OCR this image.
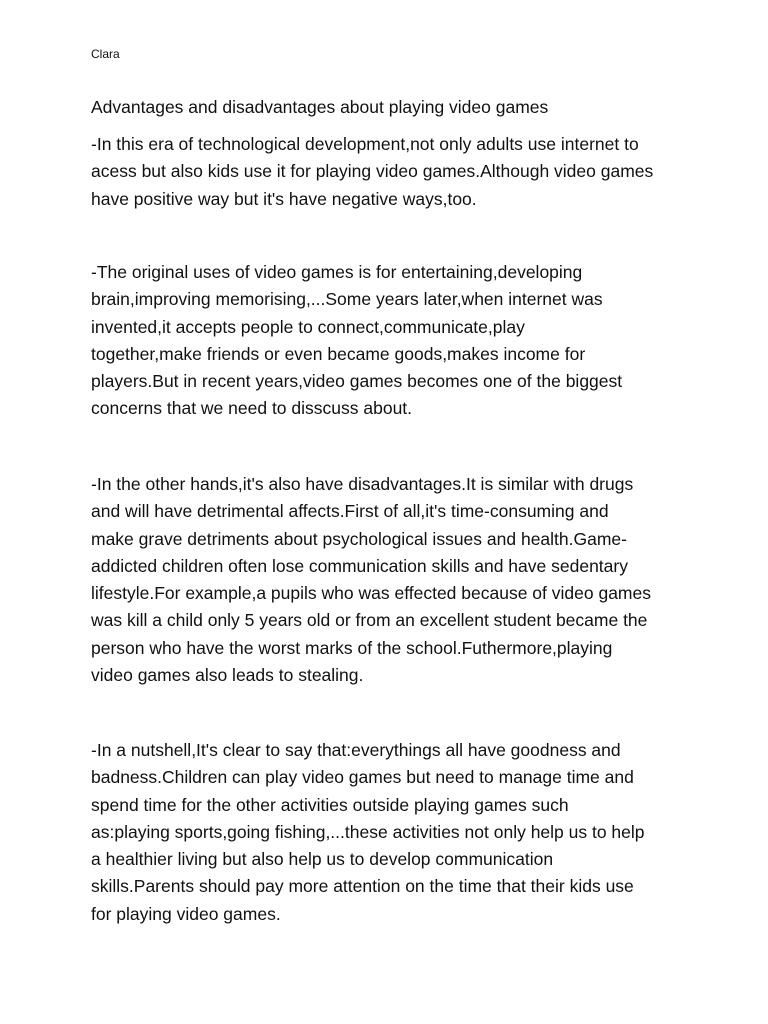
Clara
Advantages and disadvantages about playing video games
-In this era of technological development,not only adults use internet to
acess but also kids use it for playing video games.Although video games
have positive way but it's have negative ways,too.
-The original uses of video games is for entertaining,developing
brain,improving memorising,...Some years later,when internet was
invented,it accepts people to connect,communicate,play
together,make friends or even became goods,makes income for
players.But in recent years,video games becomes one of the biggest
concerns that we need to disscuss about.
-In the other hands,it's also have disadvantages.It is similar with drugs
and will have detrimental affects.First of all,it's time-consuming and
make grave detriments about psychological issues and health.Game-
addicted children often lose communication skills and have sedentary
lifestyle.For example,a pupils who was effected because of video games
was kill a child only 5 years old or from an excellent student became the
person who have the worst marks of the school.Futhermore,playing
video games also leads to stealing.
-In a nutshell,It's clear to say that:everythings all have goodness and
badness.Children can play video games but need to manage time and
spend time for the other activities outside playing games such
as:playing sports,going fishing,...these activities not only help us to help
a healthier living but also help us to develop communication
skills.Parents should pay more attention on the time that their kids use
for playing video games.
